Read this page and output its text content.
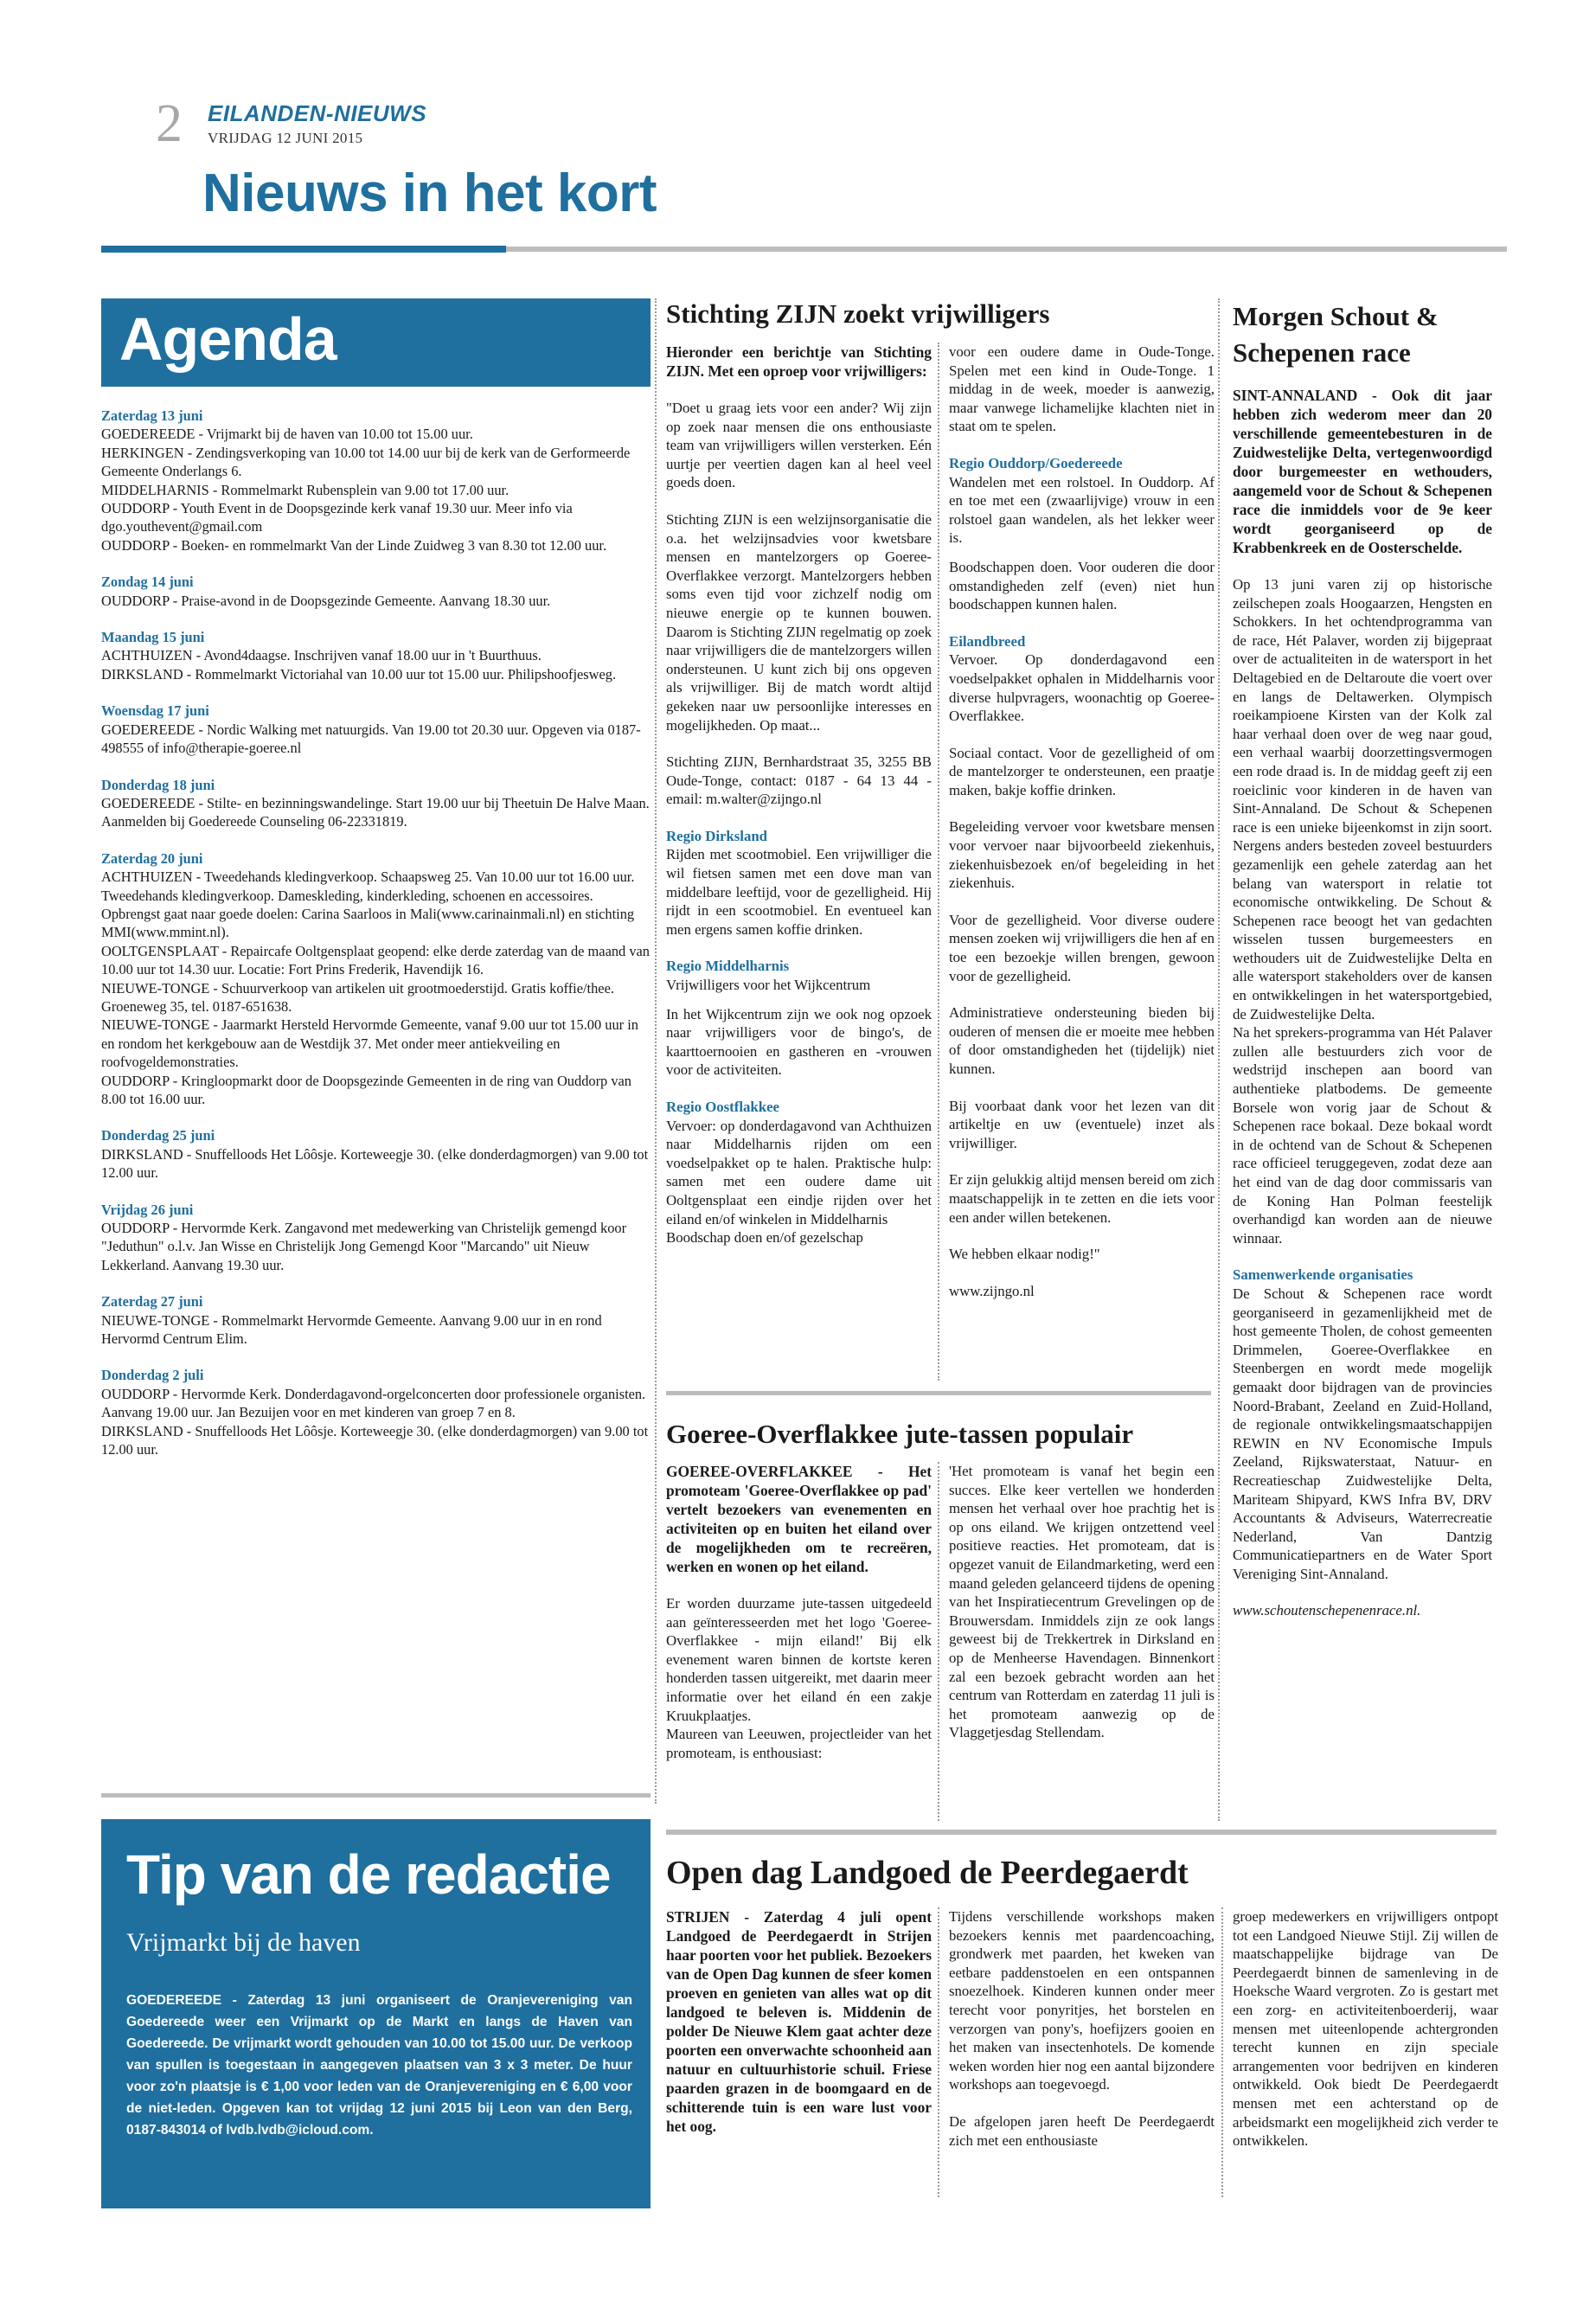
2 EILANDEN-NIEUWS
VRIJDAG 12 JUNI 2015
Nieuws in het kort
Agenda
Zaterdag 13 juni
GOEDEREEDE - Vrijmarkt bij de haven van 10.00 tot 15.00 uur.
HERKINGEN - Zendingsverkoping van 10.00 tot 14.00 uur bij de kerk van de Gerformeerde Gemeente Onderlangs 6.
MIDDELHARNIS - Rommelmarkt Rubensplein van 9.00 tot 17.00 uur.
OUDDORP - Youth Event in de Doopsgezinde kerk vanaf 19.30 uur. Meer info via dgo.youthevent@gmail.com
OUDDORP - Boeken- en rommelmarkt Van der Linde Zuidweg 3 van 8.30 tot 12.00 uur.
Zondag 14 juni
OUDDORP - Praise-avond in de Doopsgezinde Gemeente. Aanvang 18.30 uur.
Maandag 15 juni
ACHTHUIZEN - Avond4daagse. Inschrijven vanaf 18.00 uur in 't Buurthuus.
DIRKSLAND - Rommelmarkt Victoriahal van 10.00 uur tot 15.00 uur. Philipshoofjesweg.
Woensdag 17 juni
GOEDEREEDE - Nordic Walking met natuurgids. Van 19.00 tot 20.30 uur. Opgeven via 0187-498555 of info@therapie-goeree.nl
Donderdag 18 juni
GOEDEREEDE - Stilte- en bezinningswandelinge. Start 19.00 uur bij Theetuin De Halve Maan. Aanmelden bij Goedereede Counseling 06-22331819.
Zaterdag 20 juni
ACHTHUIZEN - Tweedehands kledingverkoop. Schaapsweg 25. Van 10.00 uur tot 16.00 uur. Tweedehands kledingverkoop. Dameskleding, kinderkleding, schoenen en accessoires. Opbrengst gaat naar goede doelen: Carina Saarloos in Mali(www.carinainmali.nl) en stichting MMI(www.mmint.nl).
OOLTGENSPLAAT - Repaircafe Ooltgensplaat geopend: elke derde zaterdag van de maand van 10.00 uur tot 14.30 uur. Locatie: Fort Prins Frederik, Havendijk 16.
NIEUWE-TONGE - Schuurverkoop van artikelen uit grootmoederstijd. Gratis koffie/thee. Groeneweg 35, tel. 0187-651638.
NIEUWE-TONGE - Jaarmarkt Hersteld Hervormde Gemeente, vanaf 9.00 uur tot 15.00 uur in en rondom het kerkgebouw aan de Westdijk 37. Met onder meer antiekveiling en roofvogeldemonstraties.
OUDDORP - Kringloopmarkt door de Doopsgezinde Gemeenten in de ring van Ouddorp van 8.00 tot 16.00 uur.
Donderdag 25 juni
DIRKSLAND - Snuffelloods Het Lôôsje. Korteweegje 30. (elke donderdagmorgen) van 9.00 tot 12.00 uur.
Vrijdag 26 juni
OUDDORP - Hervormde Kerk. Zangavond met medewerking van Christelijk gemengd koor "Jeduthun" o.l.v. Jan Wisse en Christelijk Jong Gemengd Koor "Marcando" uit Nieuw Lekkerland. Aanvang 19.30 uur.
Zaterdag 27 juni
NIEUWE-TONGE - Rommelmarkt Hervormde Gemeente. Aanvang 9.00 uur in en rond Hervormd Centrum Elim.
Donderdag 2 juli
OUDDORP - Hervormde Kerk. Donderdagavond-orgelconcerten door professionele organisten. Aanvang 19.00 uur. Jan Bezuijen voor en met kinderen van groep 7 en 8.
DIRKSLAND - Snuffelloods Het Lôôsje. Korteweegje 30. (elke donderdagmorgen) van 9.00 tot 12.00 uur.
Tip van de redactie
Vrijmarkt bij de haven
GOEDEREEDE - Zaterdag 13 juni organiseert de Oranjevereniging van Goedereede weer een Vrijmarkt op de Markt en langs de Haven van Goedereede. De vrijmarkt wordt gehouden van 10.00 tot 15.00 uur. De verkoop van spullen is toegestaan in aangegeven plaatsen van 3 x 3 meter. De huur voor zo'n plaatsje is € 1,00 voor leden van de Oranjevereniging en € 6,00 voor de niet-leden. Opgeven kan tot vrijdag 12 juni 2015 bij Leon van den Berg, 0187-843014 of lvdb.lvdb@icloud.com.
Stichting ZIJN zoekt vrijwilligers

Hieronder een berichtje van Stichting ZIJN. Met een oproep voor vrijwilligers:

"Doet u graag iets voor een ander? Wij zijn op zoek naar mensen die ons enthousiaste team van vrijwilligers willen versterken. Eén uurtje per veertien dagen kan al heel veel goeds doen.

Stichting ZIJN is een welzijnsorganisatie die o.a. het welzijnsadvies voor kwetsbare mensen en mantelzorgers op Goeree-Overflakkee verzorgt. Mantelzorgers hebben soms even tijd voor zichzelf nodig om nieuwe energie op te kunnen bouwen. Daarom is Stichting ZIJN regelmatig op zoek naar vrijwilligers die de mantelzorgers willen ondersteunen. U kunt zich bij ons opgeven als vrijwilliger. Bij de match wordt altijd gekeken naar uw persoonlijke interesses en mogelijkheden. Op maat...

Stichting ZIJN, Bernhardstraat 35, 3255 BB Oude-Tonge, contact: 0187 - 64 13 44 - email: m.walter@zijngo.nl

Regio Dirksland

Rijden met scootmobiel. Een vrijwilliger die wil fietsen samen met een dove man van middelbare leeftijd, voor de gezelligheid. Hij rijdt in een scootmobiel. En eventueel kan men ergens samen koffie drinken.

Regio Middelharnis

Vrijwilligers voor het Wijkcentrum

In het Wijkcentrum zijn we ook nog opzoek naar vrijwilligers voor de bingo's, de kaarttoernooien en gastheren en -vrouwen voor de activiteiten.

Regio Oostflakkee

Vervoer: op donderdagavond van Achthuizen naar Middelharnis rijden om een voedselpakket op te halen. Praktische hulp: samen met een oudere dame uit Ooltgensplaat een eindje rijden over het eiland en/of winkelen in Middelharnis

Boodschap doen en/of gezelschap

voor een oudere dame in Oude-Tonge. Spelen met een kind in Oude-Tonge. 1 middag in de week, moeder is aanwezig, maar vanwege lichamelijke klachten niet in staat om te spelen.

Regio Ouddorp/Goedereede

Wandelen met een rolstoel. In Ouddorp. Af en toe met een (zwaarlijvige) vrouw in een rolstoel gaan wandelen, als het lekker weer is.

Boodschappen doen. Voor ouderen die door omstandigheden zelf (even) niet hun boodschappen kunnen halen.

Eilandbreed

Vervoer. Op donderdagavond een voedselpakket ophalen in Middelharnis voor diverse hulpvragers, woonachtig op Goeree-Overflakkee.

Sociaal contact. Voor de gezelligheid of om de mantelzorger te ondersteunen, een praatje maken, bakje koffie drinken.

Begeleiding vervoer voor kwetsbare mensen voor vervoer naar bijvoorbeeld ziekenhuis, ziekenhuisbezoek en/of begeleiding in het ziekenhuis.

Voor de gezelligheid. Voor diverse oudere mensen zoeken wij vrijwilligers die hen af en toe een bezoekje willen brengen, gewoon voor de gezelligheid.

Administratieve ondersteuning bieden bij ouderen of mensen die er moeite mee hebben of door omstandigheden het (tijdelijk) niet kunnen.

Bij voorbaat dank voor het lezen van dit artikeltje en uw (eventuele) inzet als vrijwilliger.

Er zijn gelukkig altijd mensen bereid om zich maatschappelijk in te zetten en die iets voor een ander willen betekenen.

We hebben elkaar nodig!"

www.zijngo.nl

Goeree-Overflakkee jute-tassen populair

GOEREE-OVERFLAKKEE - Het promoteam 'Goeree-Overflakkee op pad' vertelt bezoekers van evenementen en activiteiten op en buiten het eiland over de mogelijkheden om te recreëren, werken en wonen op het eiland.

Er worden duurzame jute-tassen uitgedeeld aan geïnteresseerden met het logo 'Goeree-Overflakkee - mijn eiland!' Bij elk evenement waren binnen de kortste keren honderden tassen uitgereikt, met daarin meer informatie over het eiland én een zakje Kruukplaatjes.

Maureen van Leeuwen, projectleider van het promoteam, is enthousiast:

'Het promoteam is vanaf het begin een succes. Elke keer vertellen we honderden mensen het verhaal over hoe prachtig het is op ons eiland. We krijgen ontzettend veel positieve reacties. Het promoteam, dat is opgezet vanuit de Eilandmarketing, werd een maand geleden gelanceerd tijdens de opening van het Inspiratiecentrum Grevelingen op de Brouwersdam. Inmiddels zijn ze ook langs geweest bij de Trekkertrek in Dirksland en op de Menheerse Havendagen. Binnenkort zal een bezoek gebracht worden aan het centrum van Rotterdam en zaterdag 11 juli is het promoteam aanwezig op de Vlaggetjesdag Stellendam.

Morgen Schout & Schepenen race

SINT-ANNALAND - Ook dit jaar hebben zich wederom meer dan 20 verschillende gemeentebesturen in de Zuidwestelijke Delta, vertegenwoordigd door burgemeester en wethouders, aangemeld voor de Schout & Schepenen race die inmiddels voor de 9e keer wordt georganiseerd op de Krabbenkreek en de Oosterschelde.

Op 13 juni varen zij op historische zeilschepen zoals Hoogaarzen, Hengsten en Schokkers. In het ochtendprogramma van de race, Hét Palaver, worden zij bijgepraat over de actualiteiten in de watersport in het Deltagebied en de Deltaroute die voert over en langs de Deltawerken. Olympisch roeikampioene Kirsten van der Kolk zal haar verhaal doen over de weg naar goud, een verhaal waarbij doorzettingsvermogen een rode draad is. In de middag geeft zij een roeiclinic voor kinderen in de haven van Sint-Annaland. De Schout & Schepenen race is een unieke bijeenkomst in zijn soort. Nergens anders besteden zoveel bestuurders gezamenlijk een gehele zaterdag aan het belang van watersport in relatie tot economische ontwikkeling. De Schout & Schepenen race beoogt het van gedachten wisselen tussen burgemeesters en wethouders uit de Zuidwestelijke Delta en alle watersport stakeholders over de kansen en ontwikkelingen in het watersportgebied, de Zuidwestelijke Delta.

Na het sprekers-programma van Hét Palaver zullen alle bestuurders zich voor de wedstrijd inschepen aan boord van authentieke platbodems. De gemeente Borsele won vorig jaar de Schout & Schepenen race bokaal. Deze bokaal wordt in de ochtend van de Schout & Schepenen race officieel teruggegeven, zodat deze aan het eind van de dag door commissaris van de Koning Han Polman feestelijk overhandigd kan worden aan de nieuwe winnaar.

Samenwerkende organisaties

De Schout & Schepenen race wordt georganiseerd in gezamenlijkheid met de host gemeente Tholen, de cohost gemeenten Drimmelen, Goeree-Overflakkee en Steenbergen en wordt mede mogelijk gemaakt door bijdragen van de provincies Noord-Brabant, Zeeland en Zuid-Holland, de regionale ontwikkelingsmaatschappijen REWIN en NV Economische Impuls Zeeland, Rijkswaterstaat, Natuur- en Recreatieschap Zuidwestelijke Delta, Mariteam Shipyard, KWS Infra BV, DRV Accountants & Adviseurs, Waterrecreatie Nederland, Van Dantzig Communicatiepartners en de Water Sport Vereniging Sint-Annaland.

www.schoutenschepenenrace.nl.

Open dag Landgoed de Peerdegaerdt

STRIJEN - Zaterdag 4 juli opent Landgoed de Peerdegaerdt in Strijen haar poorten voor het publiek. Bezoekers van de Open Dag kunnen de sfeer komen proeven en genieten van alles wat op dit landgoed te beleven is. Middenin de polder De Nieuwe Klem gaat achter deze poorten een onverwachte schoonheid aan natuur en cultuurhistorie schuil. Friese paarden grazen in de boomgaard en de schitterende tuin is een ware lust voor het oog.

Tijdens verschillende workshops maken bezoekers kennis met paardencoaching, grondwerk met paarden, het kweken van eetbare paddenstoelen en een ontspannen snoezelhoek. Kinderen kunnen onder meer terecht voor ponyritjes, het borstelen en verzorgen van pony's, hoefijzers gooien en het maken van insectenhotels. De komende weken worden hier nog een aantal bijzondere workshops aan toegevoegd.

De afgelopen jaren heeft De Peerdegaerdt zich met een enthousiaste

groep medewerkers en vrijwilligers ontpopt tot een Landgoed Nieuwe Stijl. Zij willen de maatschappelijke bijdrage van De Peerdegaerdt binnen de samenleving in de Hoeksche Waard vergroten. Zo is gestart met een zorg- en activiteitenboerderij, waar mensen met uiteenlopende achtergronden terecht kunnen en zijn speciale arrangementen voor bedrijven en kinderen ontwikkeld. Ook biedt De Peerdegaerdt mensen met een achterstand op de arbeidsmarkt een mogelijkheid zich verder te ontwikkelen.
